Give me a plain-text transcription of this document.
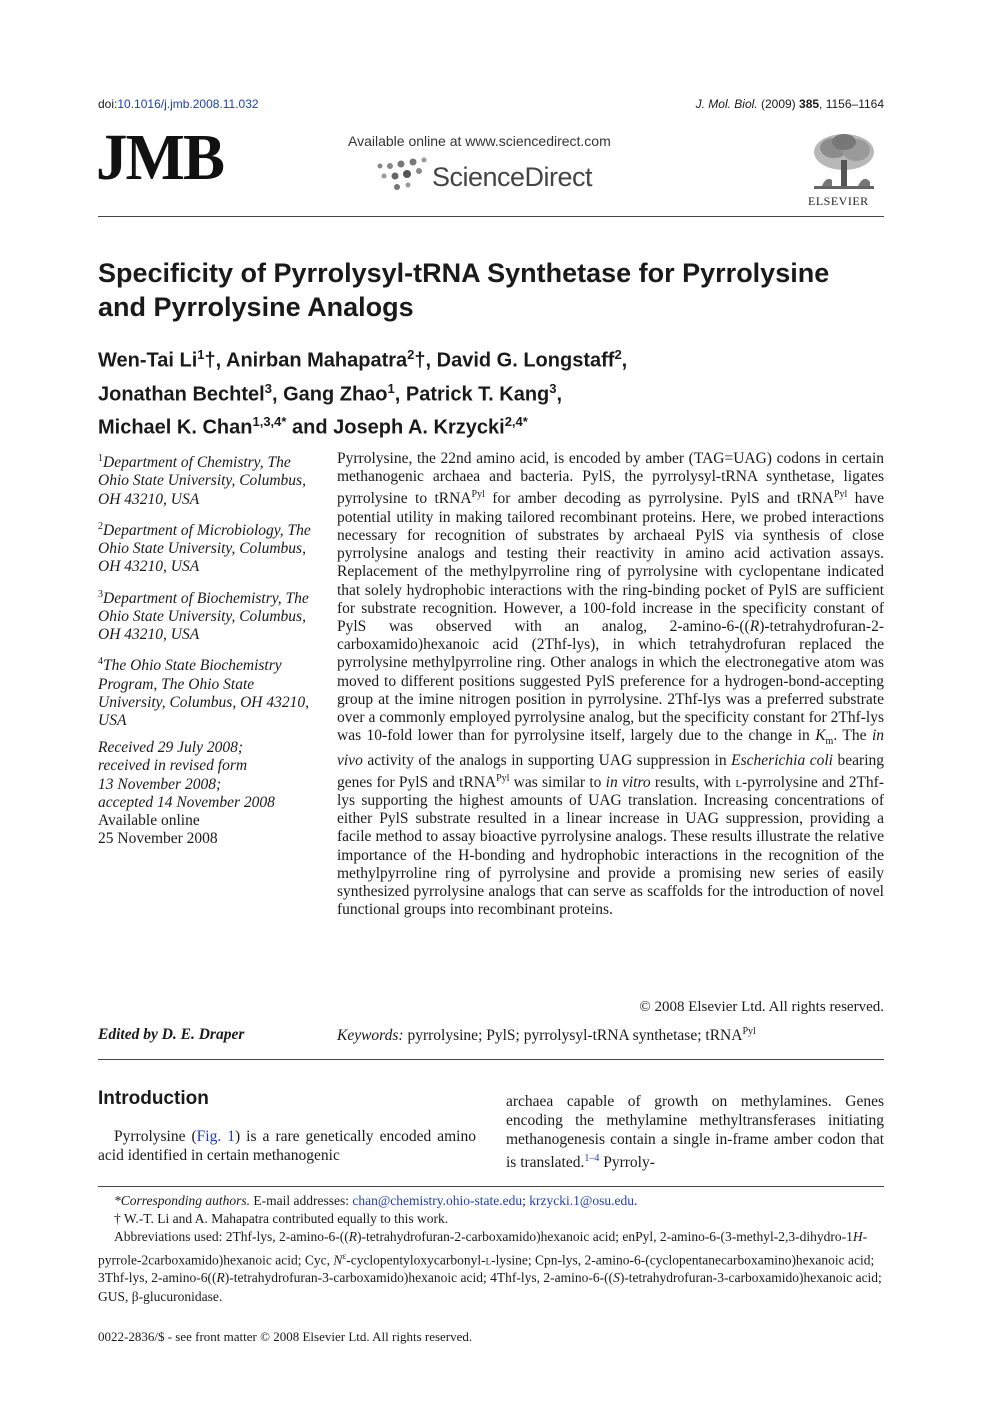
doi:10.1016/j.jmb.2008.11.032	J. Mol. Biol. (2009) 385, 1156–1164
JMB	Available online at www.sciencedirect.com
ScienceDirect
ELSEVIER
Specificity of Pyrrolysyl-tRNA Synthetase for Pyrrolysine and Pyrrolysine Analogs
Wen-Tai Li$^1$†, Anirban Mahapatra$^2$†, David G. Longstaff$^2$,
Jonathan Bechtel$^3$, Gang Zhao$^1$, Patrick T. Kang$^3$,
Michael K. Chan$^{1,3,4*}$ and Joseph A. Krzycki$^{2,4*}$
$^1$Department of Chemistry, The Ohio State University, Columbus, OH 43210, USA
$^2$Department of Microbiology, The Ohio State University, Columbus, OH 43210, USA
$^3$Department of Biochemistry, The Ohio State University, Columbus, OH 43210, USA
$^4$The Ohio State Biochemistry Program, The Ohio State University, Columbus, OH 43210, USA
Received 29 July 2008;
received in revised form
13 November 2008;
accepted 14 November 2008
Available online
25 November 2008
Pyrrolysine, the 22nd amino acid, is encoded by amber (TAG=UAG) codons in certain methanogenic archaea and bacteria. PylS, the pyrrolysyl-tRNA synthetase, ligates pyrrolysine to tRNA$^{Pyl}$ for amber decoding as pyrrolysine. PylS and tRNA$^{Pyl}$ have potential utility in making tailored recombinant proteins. Here, we probed interactions necessary for recognition of substrates by archaeal PylS via synthesis of close pyrrolysine analogs and testing their reactivity in amino acid activation assays. Replacement of the methylpyrroline ring of pyrrolysine with cyclopentane indicated that solely hydrophobic interactions with the ring-binding pocket of PylS are sufficient for substrate recognition. However, a 100-fold increase in the specificity constant of PylS was observed with an analog, 2-amino-6-((R)-tetrahydrofuran-2-carboxamido)hexanoic acid (2Thf-lys), in which tetrahydrofuran replaced the pyrrolysine methylpyrroline ring. Other analogs in which the electronegative atom was moved to different positions suggested PylS preference for a hydrogen-bond-accepting group at the imine nitrogen position in pyrrolysine. 2Thf-lys was a preferred substrate over a commonly employed pyrrolysine analog, but the specificity constant for 2Thf-lys was 10-fold lower than for pyrrolysine itself, largely due to the change in $K_m$. The in vivo activity of the analogs in supporting UAG suppression in Escherichia coli bearing genes for PylS and tRNA$^{Pyl}$ was similar to in vitro results, with l-pyrrolysine and 2Thf-lys supporting the highest amounts of UAG translation. Increasing concentrations of either PylS substrate resulted in a linear increase in UAG suppression, providing a facile method to assay bioactive pyrrolysine analogs. These results illustrate the relative importance of the H-bonding and hydrophobic interactions in the recognition of the methylpyrroline ring of pyrrolysine and provide a promising new series of easily synthesized pyrrolysine analogs that can serve as scaffolds for the introduction of novel functional groups into recombinant proteins.
© 2008 Elsevier Ltd. All rights reserved.
Edited by D. E. Draper	Keywords: pyrrolysine; PylS; pyrrolysyl-tRNA synthetase; tRNA$^{Pyl}$
Introduction
Pyrrolysine (Fig. 1) is a rare genetically encoded amino acid identified in certain methanogenic
archaea capable of growth on methylamines. Genes encoding the methylamine methyltransferases initiating methanogenesis contain a single in-frame amber codon that is translated.$^{1-4}$ Pyrroly-

*Corresponding authors. E-mail addresses: chan@chemistry.ohio-state.edu; krzycki.1@osu.edu.

† W.-T. Li and A. Mahapatra contributed equally to this work.

Abbreviations used: 2Thf-lys, 2-amino-6-((R)-tetrahydrofuran-2-carboxamido)hexanoic acid; enPyl, 2-amino-6-(3-methyl-2,3-dihydro-1H-pyrrole-2carboxamido)hexanoic acid; Cyc, $N^\varepsilon-cyclopentyloxycarbonyl-l$-lysine; Cpn-lys, 2-amino-6-(cyclopentanecarboxamino)hexanoic acid; 3Thf-lys, 2-amino-6((R)-tetrahydrofuran-3-carboxamido)hexanoic acid; 4Thf-lys, 2-amino-6-((S)-tetrahydrofuran-3-carboxamido)hexanoic acid; GUS, β-glucuronidase.

0022-2836/$ - see front matter © 2008 Elsevier Ltd. All rights reserved.
